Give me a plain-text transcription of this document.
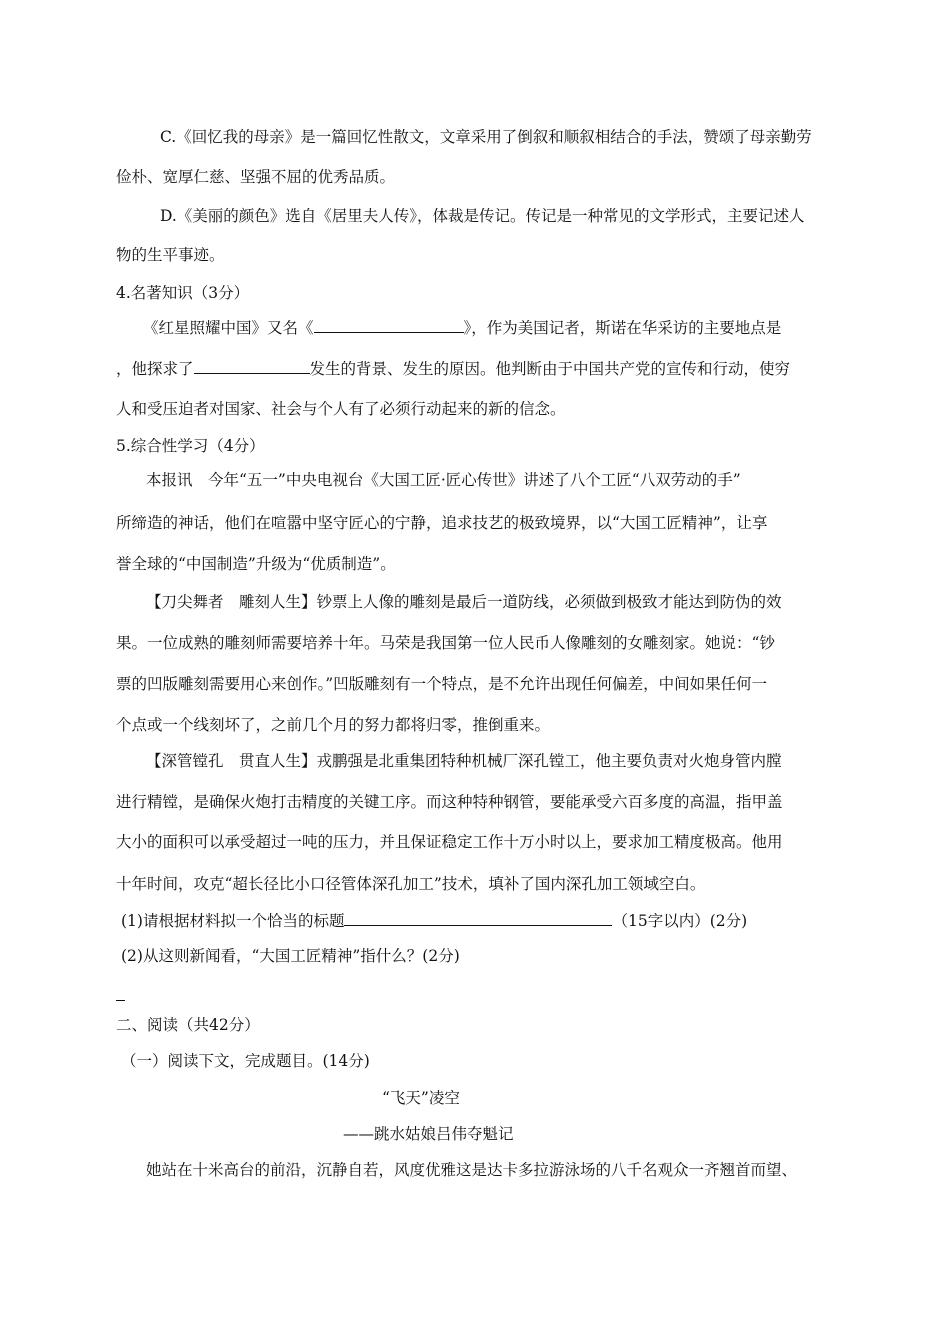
C.《回忆我的母亲》是一篇回忆性散文，文章采用了倒叙和顺叙相结合的手法，赞颂了母亲勤劳
俭朴、宽厚仁慈、坚强不屈的优秀品质。
D.《美丽的颜色》选自《居里夫人传》，体裁是传记。传记是一种常见的文学形式，主要记述人
物的生平事迹。
4.名著知识（3分）
《红星照耀中国》又名《	》，作为美国记者，斯诺在华采访的主要地点是
，他探求了	发生的背景、发生的原因。他判断由于中国共产党的宣传和行动，使穷
人和受压迫者对国家、社会与个人有了必须行动起来的新的信念。
5.综合性学习（4分）
本报讯　今年“五一”中央电视台《大国工匠·匠心传世》讲述了八个工匠“八双劳动的手”
所缔造的神话，他们在喧嚣中坚守匠心的宁静，追求技艺的极致境界，以“大国工匠精神”，让享
誉全球的“中国制造”升级为“优质制造”。
【刀尖舞者　雕刻人生】钞票上人像的雕刻是最后一道防线，必须做到极致才能达到防伪的效
果。一位成熟的雕刻师需要培养十年。马荣是我国第一位人民币人像雕刻的女雕刻家。她说：“钞
票的凹版雕刻需要用心来创作。”凹版雕刻有一个特点，是不允许出现任何偏差，中间如果任何一
个点或一个线刻坏了，之前几个月的努力都将归零，推倒重来。
【深管镗孔　贯直人生】戎鹏强是北重集团特种机械厂深孔镗工，他主要负责对火炮身管内膛
进行精镗，是确保火炮打击精度的关键工序。而这种特种钢管，要能承受六百多度的高温，指甲盖
大小的面积可以承受超过一吨的压力，并且保证稳定工作十万小时以上，要求加工精度极高。他用
十年时间，攻克“超长径比小口径管体深孔加工”技术，填补了国内深孔加工领域空白。
(1)请根据材料拟一个恰当的标题	（15字以内）(2分)
(2)从这则新闻看，“大国工匠精神”指什么？(2分)
二、阅读（共42分）
（一）阅读下文，完成题目。(14分)
“飞天”凌空
——跳水姑娘吕伟夺魁记
她站在十米高台的前沿，沉静自若，风度优雅这是达卡多拉游泳场的八千名观众一齐翘首而望、
